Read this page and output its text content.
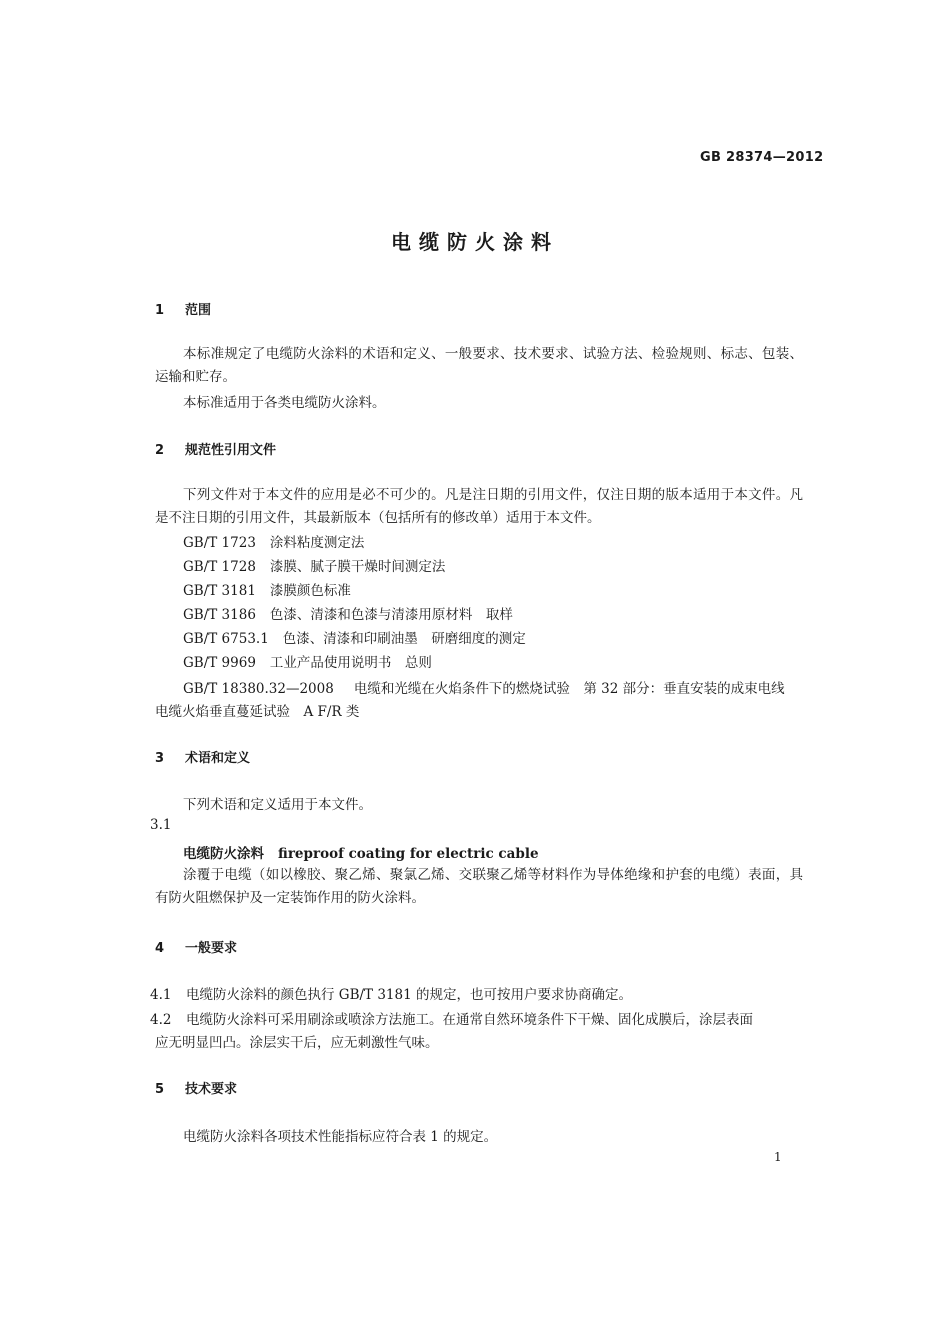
GB 28374—2012
电缆防火涂料
1 范围
本标准规定了电缆防火涂料的术语和定义、一般要求、技术要求、试验方法、检验规则、标志、包装、运输和贮存。
本标准适用于各类电缆防火涂料。
2 规范性引用文件
下列文件对于本文件的应用是必不可少的。凡是注日期的引用文件，仅注日期的版本适用于本文件。凡是不注日期的引用文件，其最新版本（包括所有的修改单）适用于本文件。
GB/T 1723 涂料粘度测定法
GB/T 1728 漆膜、腻子膜干燥时间测定法
GB/T 3181 漆膜颜色标准
GB/T 3186 色漆、清漆和色漆与清漆用原材料　取样
GB/T 6753.1 色漆、清漆和印刷油墨　研磨细度的测定
GB/T 9969 工业产品使用说明书　总则
GB/T 18380.32—2008 电缆和光缆在火焰条件下的燃烧试验　第 32 部分：垂直安装的成束电线
电缆火焰垂直蔓延试验　A F/R 类
3 术语和定义
下列术语和定义适用于本文件。
3.1
电缆防火涂料 fireproof coating for electric cable
涂覆于电缆（如以橡胶、聚乙烯、聚氯乙烯、交联聚乙烯等材料作为导体绝缘和护套的电缆）表面，具有防火阻燃保护及一定装饰作用的防火涂料。
4 一般要求
4.1 电缆防火涂料的颜色执行 GB/T 3181 的规定，也可按用户要求协商确定。
4.2 电缆防火涂料可采用刷涂或喷涂方法施工。在通常自然环境条件下干燥、固化成膜后，涂层表面
应无明显凹凸。涂层实干后，应无刺激性气味。
5 技术要求
电缆防火涂料各项技术性能指标应符合表 1 的规定。
1
